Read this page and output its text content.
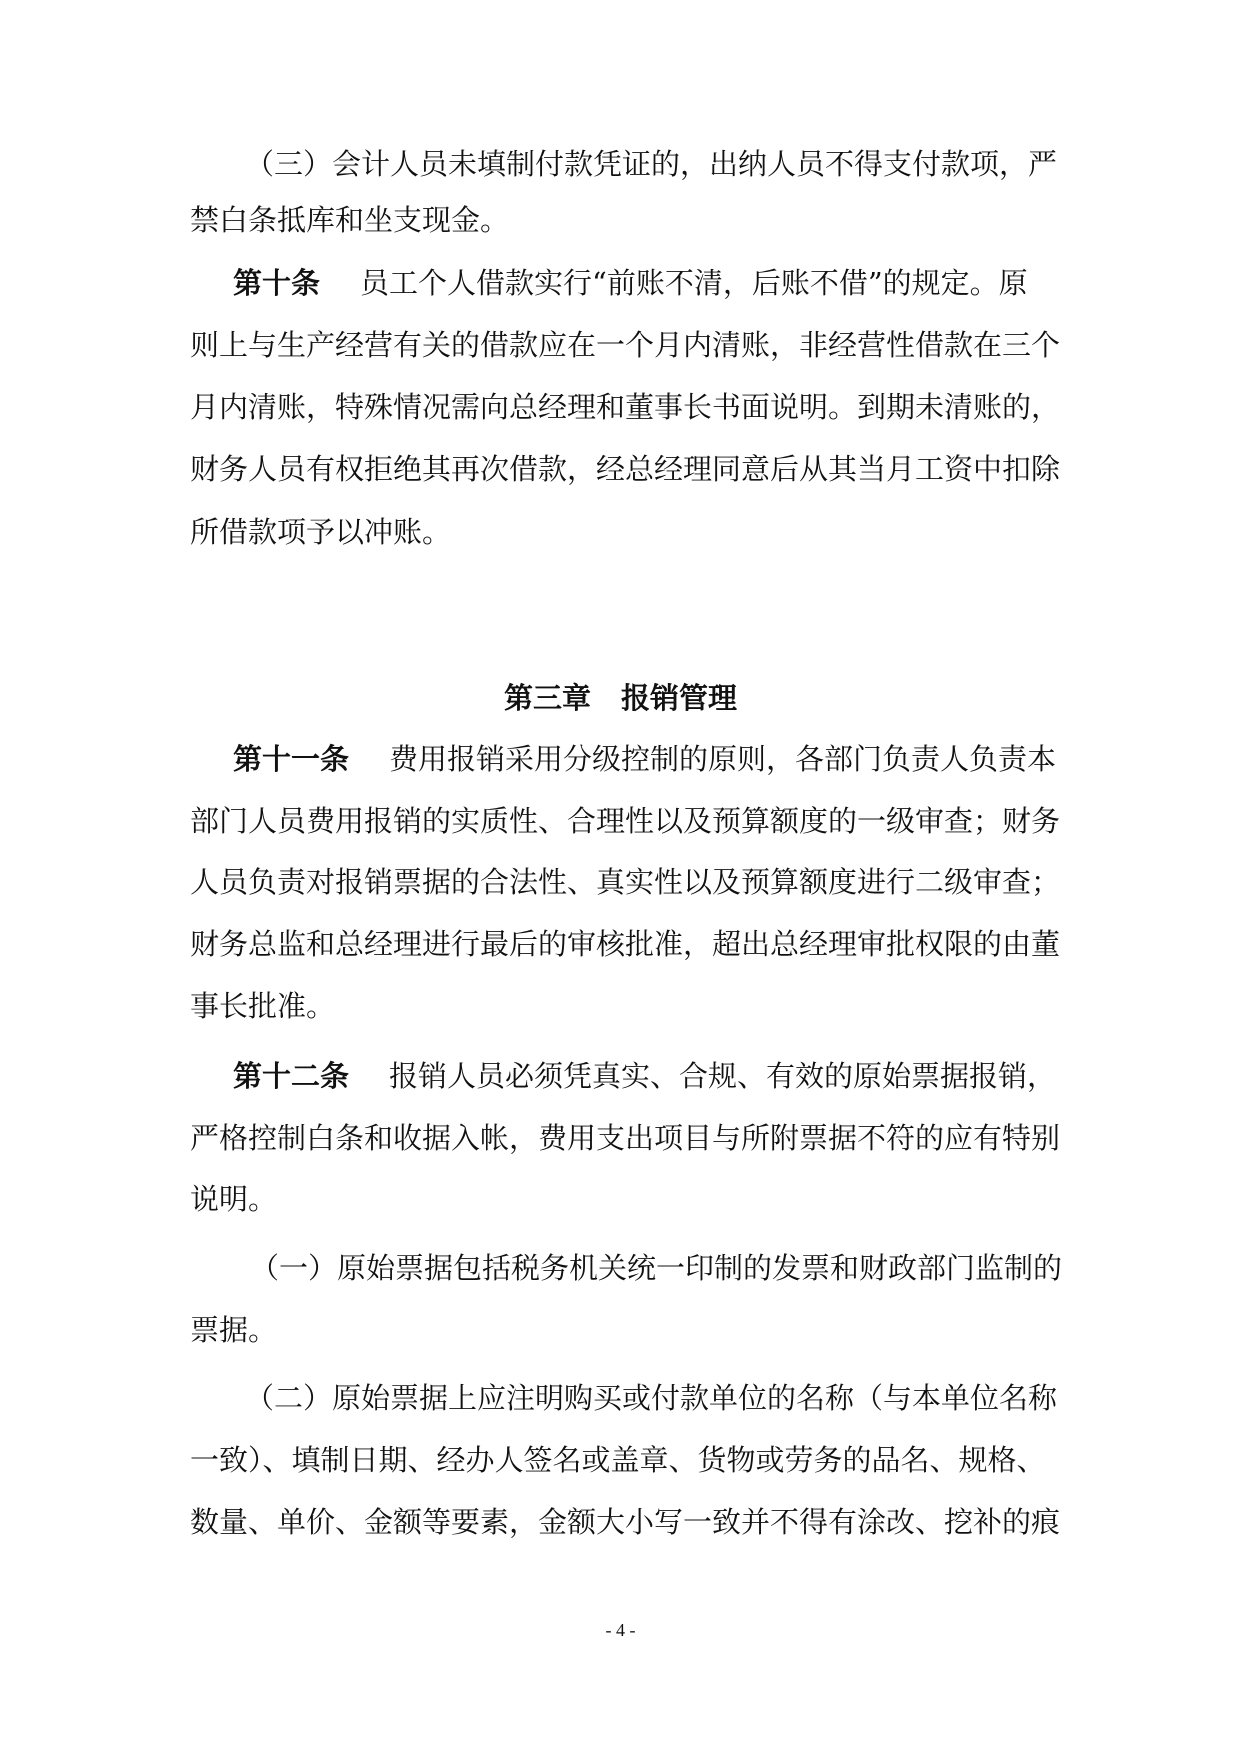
（三）会计人员未填制付款凭证的，出纳人员不得支付款项，严
禁白条抵库和坐支现金。
第十条 员工个人借款实行“前账不清，后账不借”的规定。原
则上与生产经营有关的借款应在一个月内清账，非经营性借款在三个
月内清账，特殊情况需向总经理和董事长书面说明。到期未清账的，
财务人员有权拒绝其再次借款，经总经理同意后从其当月工资中扣除
所借款项予以冲账。
第三章 报销管理
第十一条 费用报销采用分级控制的原则，各部门负责人负责本
部门人员费用报销的实质性、合理性以及预算额度的一级审查；财务
人员负责对报销票据的合法性、真实性以及预算额度进行二级审查；
财务总监和总经理进行最后的审核批准，超出总经理审批权限的由董
事长批准。
第十二条 报销人员必须凭真实、合规、有效的原始票据报销，
严格控制白条和收据入帐，费用支出项目与所附票据不符的应有特别
说明。
（一）原始票据包括税务机关统一印制的发票和财政部门监制的
票据。
（二）原始票据上应注明购买或付款单位的名称（与本单位名称
一致）、填制日期、经办人签名或盖章、货物或劳务的品名、规格、
数量、单价、金额等要素，金额大小写一致并不得有涂改、挖补的痕
- 4 -
